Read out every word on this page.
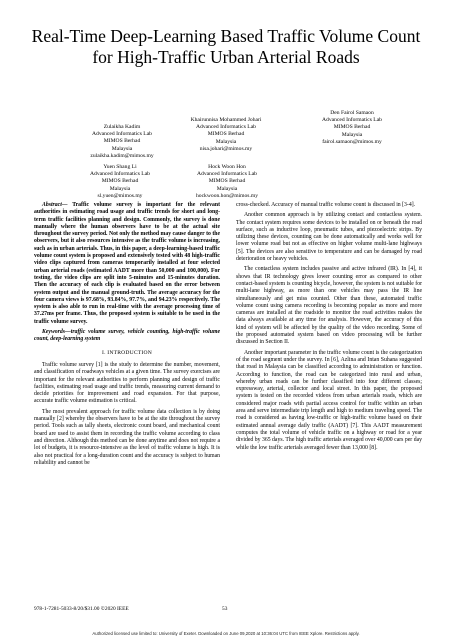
Real-Time Deep-Learning Based Traffic Volume Count for High-Traffic Urban Arterial Roads
Zulaikha Kadim
Advanced Informatics Lab
MIMOS Berhad
Malaysia
zulaikha.kadim@mimos.my
Khairunnisa Mohammed Johari
Advanced Informatics Lab
MIMOS Berhad
Malaysia
nisa.johari@mimos.my
Den Fairol Samaon
Advanced Informatics Lab
MIMOS Berhad
Malaysia
fairol.samaon@mimos.my
Yuen Shang Li
Advanced Informatics Lab
MIMOS Berhad
Malaysia
sl.yuen@mimos.my
Hock Woon Hon
Advanced Informatics Lab
MIMOS Berhad
Malaysia
hockwoon.hon@mimos.my

Abstract— Traffic volume survey is important for the relevant authorities in estimating road usage and traffic trends for short and long-term traffic facilities planning and design. Commonly, the survey is done manually where the human observers have to be at the actual site throughout the survey period. Not only the method may cause danger to the observers, but it also resources intensive as the traffic volume is increasing, such as in urban arterials. Thus, in this paper, a deep-learning-based traffic volume count system is proposed and extensively tested with 48 high-traffic video clips captured from cameras temporarily installed at four selected urban arterial roads (estimated AADT more than 50,000 and 100,000). For testing, the video clips are split into 5-minutes and 15-minutes duration. Then the accuracy of each clip is evaluated based on the error between system output and the manual ground-truth. The average accuracy for the four camera views is 97.68%, 93.84%, 97.7%, and 94.23% respectively. The system is also able to run in real-time with the average processing time of 37.27ms per frame. Thus, the proposed system is suitable to be used in the traffic volume survey.

Keywords—traffic volume survey, vehicle counting, high-traffic volume count, deep-learning system

I. INTRODUCTION

Traffic volume survey [1] is the study to determine the number, movement, and classification of roadways vehicles at a given time. The survey exercises are important for the relevant authorities to perform planning and design of traffic facilities, estimating road usage and traffic trends, measuring current demand to decide priorities for improvement and road expansion. For that purpose, accurate traffic volume estimation is critical.

The most prevalent approach for traffic volume data collection is by doing manually [2] whereby the observers have to be at the site throughout the survey period. Tools such as tally sheets, electronic count board, and mechanical count board are used to assist them in recording the traffic volume according to class and direction. Although this method can be done anytime and does not require a lot of budgets, it is resource-intensive as the level of traffic volume is high. It is also not practical for a long-duration count and the accuracy is subject to human reliability and cannot be

cross-checked. Accuracy of manual traffic volume count is discussed in [3-4].

Another common approach is by utilizing contact and contactless system. The contact system requires some devices to be installed on or beneath the road surface, such as inductive loop, pneumatic tubes, and piezoelectric strips. By utilizing these devices, counting can be done automatically and works well for lower volume road but not as effective on higher volume multi-lane highways [5]. The devices are also sensitive to temperature and can be damaged by road deterioration or heavy vehicles.

The contactless system includes passive and active infrared (IR). In [4], it shows that IR technology gives lower counting error as compared to other contact-based system is counting bicycle, however, the system is not suitable for multi-lane highway, as more than one vehicles may pass the IR line simultaneously and get miss counted. Other than these, automated traffic volume count using camera recording is becoming popular as more and more cameras are installed at the roadside to monitor the road activities makes the data always available at any time for analysis. However, the accuracy of this kind of system will be affected by the quality of the video recording. Some of the proposed automated system based on video processing will be further discussed in Section II.

Another important parameter in the traffic volume count is the categorization of the road segment under the survey. In [6], Azlina and Intan Suhana suggested that road in Malaysia can be classified according to administration or function. According to function, the road can be categorized into rural and urban, whereby urban roads can be further classified into four different classes; expressway, arterial, collector and local street. In this paper, the proposed system is tested on the recorded videos from urban arterials roads, which are considered major roads with partial access control for traffic within an urban area and serve intermediate trip length and high to medium traveling speed. The road is considered as having low-traffic or high-traffic volume based on their estimated annual average daily traffic (AADT) [7]. This AADT measurement computes the total volume of vehicle traffic on a highway or road for a year divided by 365 days. The high traffic arterials averaged over 40,000 cars per day while the low traffic arterials averaged fewer than 13,000 [8].

978-1-7281-5033-8/20/$31.00 ©2020 IEEE	53
Authorized licensed use limited to: University of Exeter. Downloaded on June 09,2020 at 10:36:04 UTC from IEEE Xplore. Restrictions apply.
